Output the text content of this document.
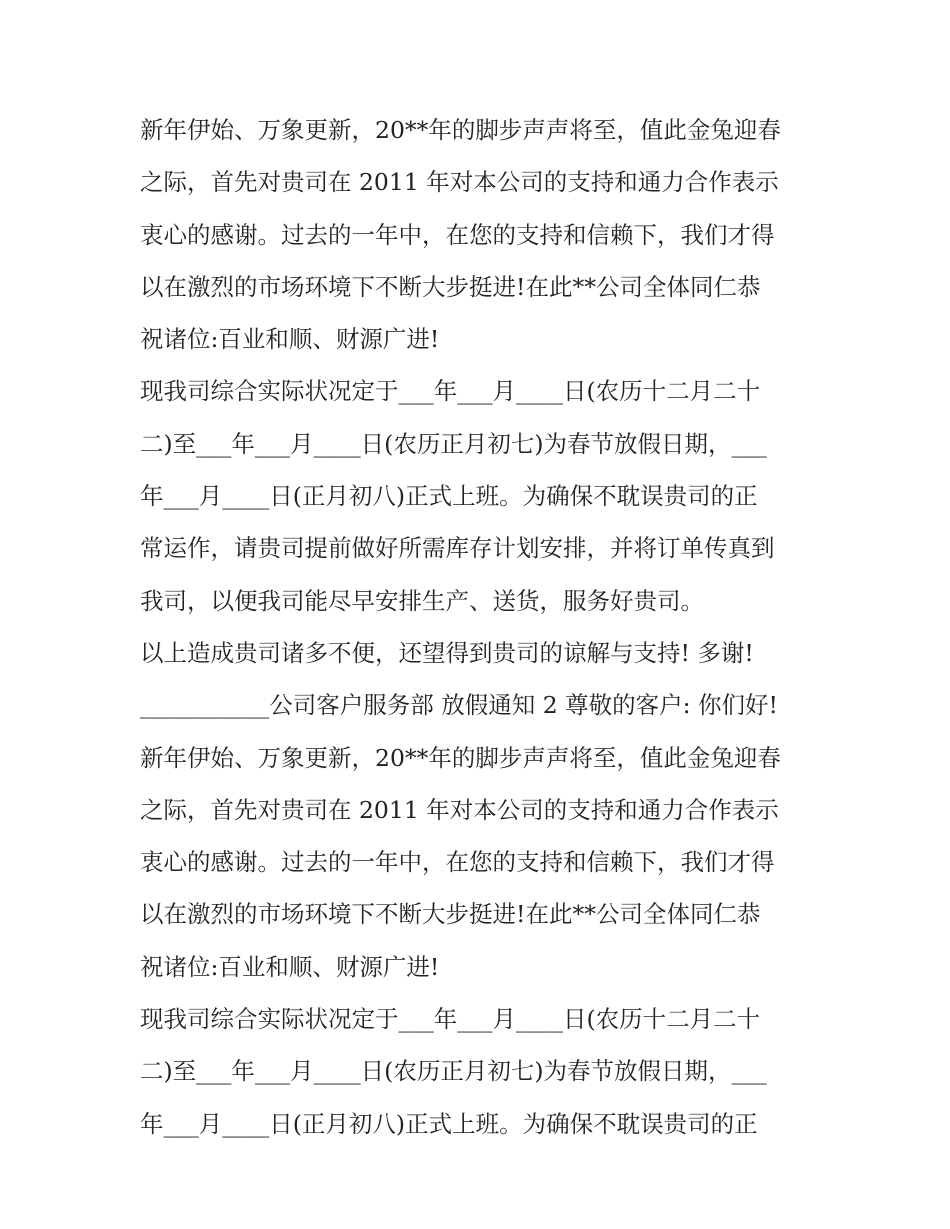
新年伊始、万象更新，20**年的脚步声声将至，值此金兔迎春
之际，首先对贵司在 2011 年对本公司的支持和通力合作表示
衷心的感谢。过去的一年中，在您的支持和信赖下，我们才得
以在激烈的市场环境下不断大步挺进!在此**公司全体同仁恭
祝诸位:百业和顺、财源广进!
现我司综合实际状况定于___年___月____日(农历十二月二十
二)至___年___月____日(农历正月初七)为春节放假日期，___
年___月____日(正月初八)正式上班。为确保不耽误贵司的正
常运作，请贵司提前做好所需库存计划安排，并将订单传真到
我司，以便我司能尽早安排生产、送货，服务好贵司。
以上造成贵司诸多不便，还望得到贵司的谅解与支持! 多谢!
___________公司客户服务部 放假通知 2 尊敬的客户: 你们好!
新年伊始、万象更新，20**年的脚步声声将至，值此金兔迎春
之际，首先对贵司在 2011 年对本公司的支持和通力合作表示
衷心的感谢。过去的一年中，在您的支持和信赖下，我们才得
以在激烈的市场环境下不断大步挺进!在此**公司全体同仁恭
祝诸位:百业和顺、财源广进!
现我司综合实际状况定于___年___月____日(农历十二月二十
二)至___年___月____日(农历正月初七)为春节放假日期，___
年___月____日(正月初八)正式上班。为确保不耽误贵司的正
